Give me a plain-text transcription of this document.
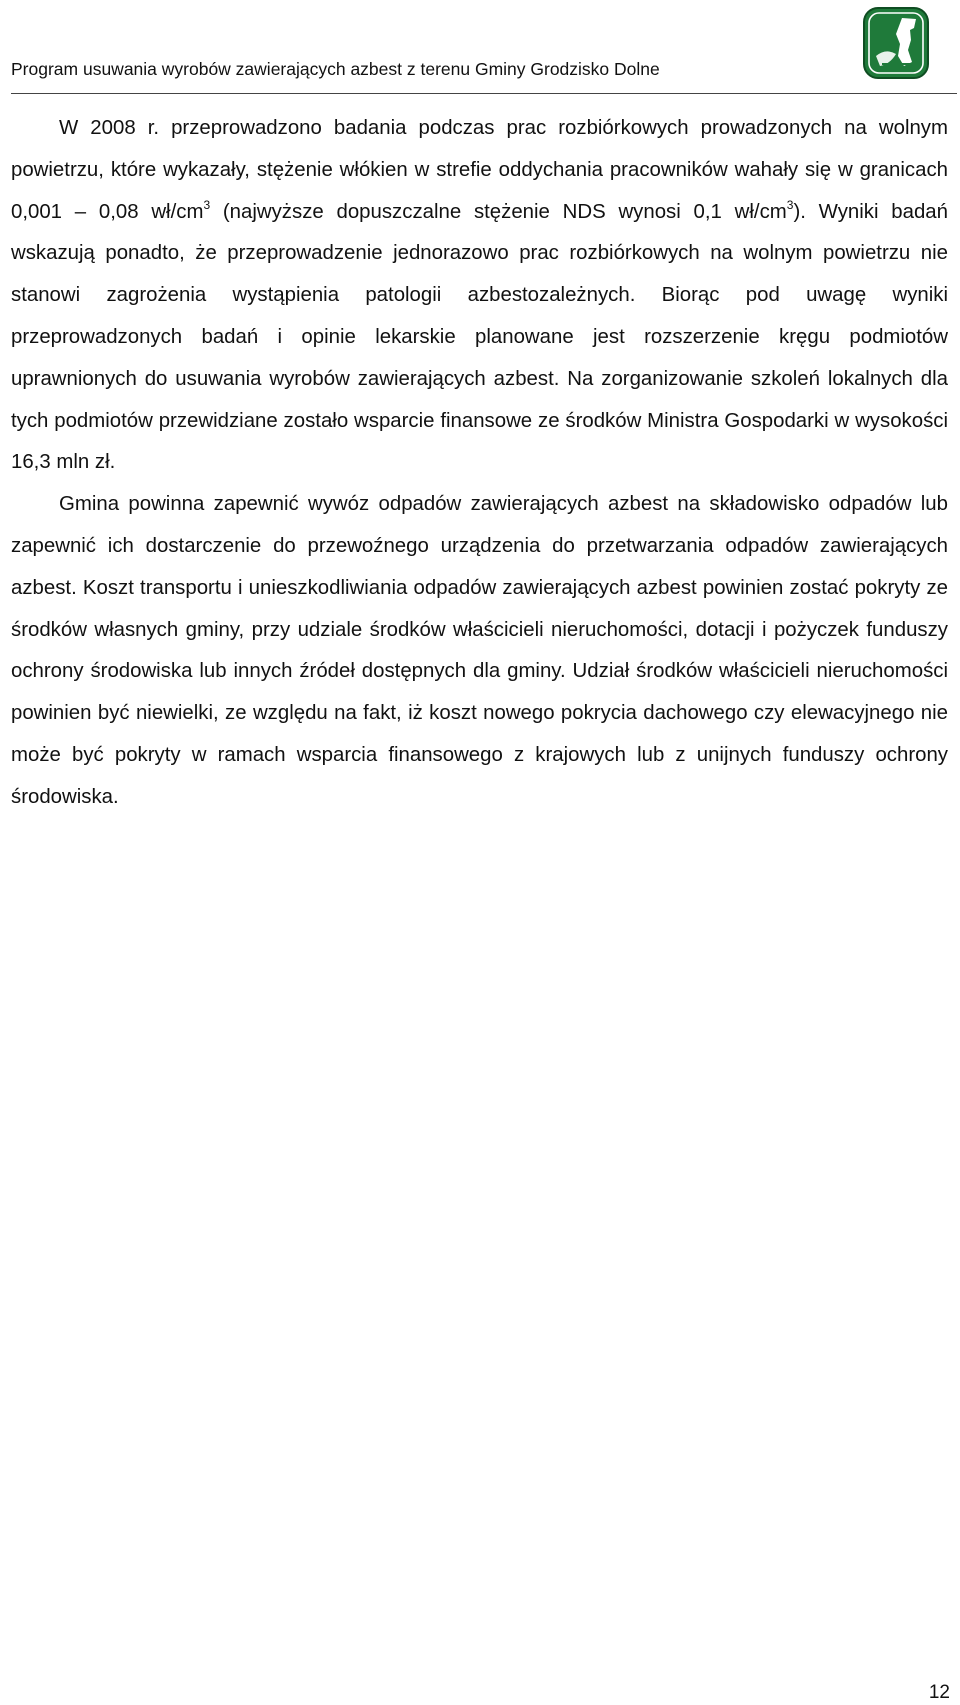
Program usuwania wyrobów zawierających azbest z terenu Gminy Grodzisko Dolne

W 2008 r. przeprowadzono badania podczas prac rozbiórkowych prowadzonych na wolnym powietrzu, które wykazały, stężenie włókien w strefie oddychania pracowników wahały się w granicach 0,001 – 0,08 $wł/cm^3$ (najwyższe dopuszczalne stężenie NDS wynosi 0,1 $wł/cm^3$). Wyniki badań wskazują ponadto, że przeprowadzenie jednorazowo prac rozbiórkowych na wolnym powietrzu nie stanowi zagrożenia wystąpienia patologii azbestozależnych. Biorąc pod uwagę wyniki przeprowadzonych badań i opinie lekarskie planowane jest rozszerzenie kręgu podmiotów uprawnionych do usuwania wyrobów zawierających azbest. Na zorganizowanie szkoleń lokalnych dla tych podmiotów przewidziane zostało wsparcie finansowe ze środków Ministra Gospodarki w wysokości 16,3 mln zł.

Gmina powinna zapewnić wywóz odpadów zawierających azbest na składowisko odpadów lub zapewnić ich dostarczenie do przewoźnego urządzenia do przetwarzania odpadów zawierających azbest. Koszt transportu i unieszkodliwiania odpadów zawierających azbest powinien zostać pokryty ze środków własnych gminy, przy udziale środków właścicieli nieruchomości, dotacji i pożyczek funduszy ochrony środowiska lub innych źródeł dostępnych dla gminy. Udział środków właścicieli nieruchomości powinien być niewielki, ze względu na fakt, iż koszt nowego pokrycia dachowego czy elewacyjnego nie może być pokryty w ramach wsparcia finansowego z krajowych lub z unijnych funduszy ochrony środowiska.

12
